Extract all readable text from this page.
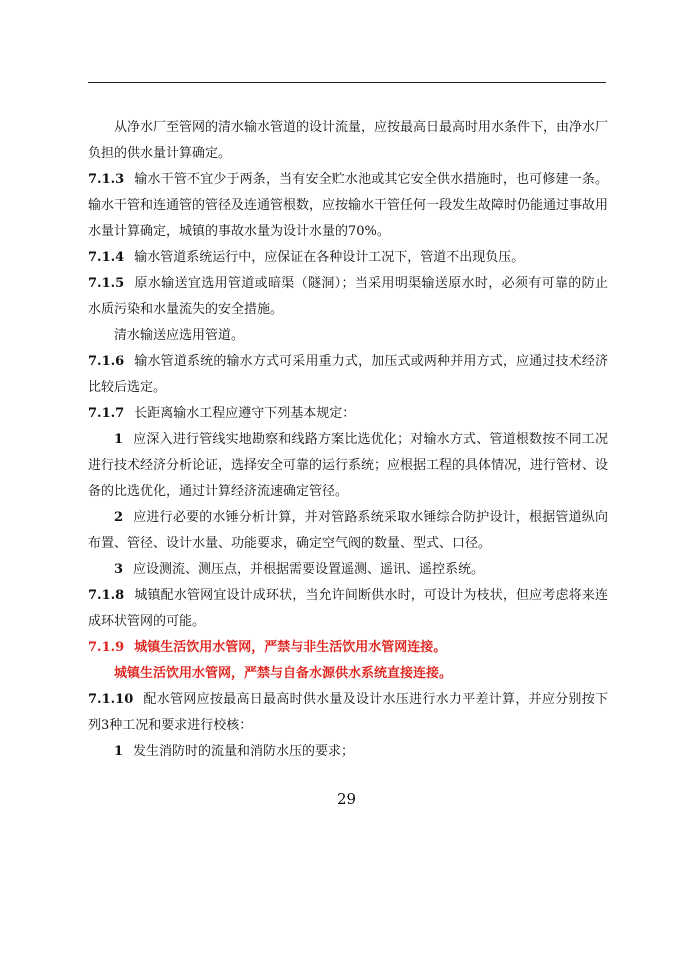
从净水厂至管网的清水输水管道的设计流量，应按最高日最高时用水条件下，由净水厂负担的供水量计算确定。

7.1.3 输水干管不宜少于两条，当有安全贮水池或其它安全供水措施时，也可修建一条。输水干管和连通管的管径及连通管根数，应按输水干管任何一段发生故障时仍能通过事故用水量计算确定，城镇的事故水量为设计水量的70%。

7.1.4 输水管道系统运行中，应保证在各种设计工况下，管道不出现负压。

7.1.5 原水输送宜选用管道或暗渠（隧洞）；当采用明渠输送原水时，必须有可靠的防止水质污染和水量流失的安全措施。

清水输送应选用管道。

7.1.6 输水管道系统的输水方式可采用重力式，加压式或两种并用方式，应通过技术经济比较后选定。

7.1.7 长距离输水工程应遵守下列基本规定：

1 应深入进行管线实地勘察和线路方案比选优化；对输水方式、管道根数按不同工况进行技术经济分析论证，选择安全可靠的运行系统；应根据工程的具体情况，进行管材、设备的比选优化，通过计算经济流速确定管径。

2 应进行必要的水锤分析计算，并对管路系统采取水锤综合防护设计，根据管道纵向布置、管径、设计水量、功能要求，确定空气阀的数量、型式、口径。

3 应设测流、测压点，并根据需要设置遥测、遥讯、遥控系统。

7.1.8 城镇配水管网宜设计成环状，当允许间断供水时，可设计为枝状，但应考虑将来连成环状管网的可能。

7.1.9 城镇生活饮用水管网，严禁与非生活饮用水管网连接。

城镇生活饮用水管网，严禁与自备水源供水系统直接连接。

7.1.10 配水管网应按最高日最高时供水量及设计水压进行水力平差计算，并应分别按下列3种工况和要求进行校核：

1 发生消防时的流量和消防水压的要求；

29
